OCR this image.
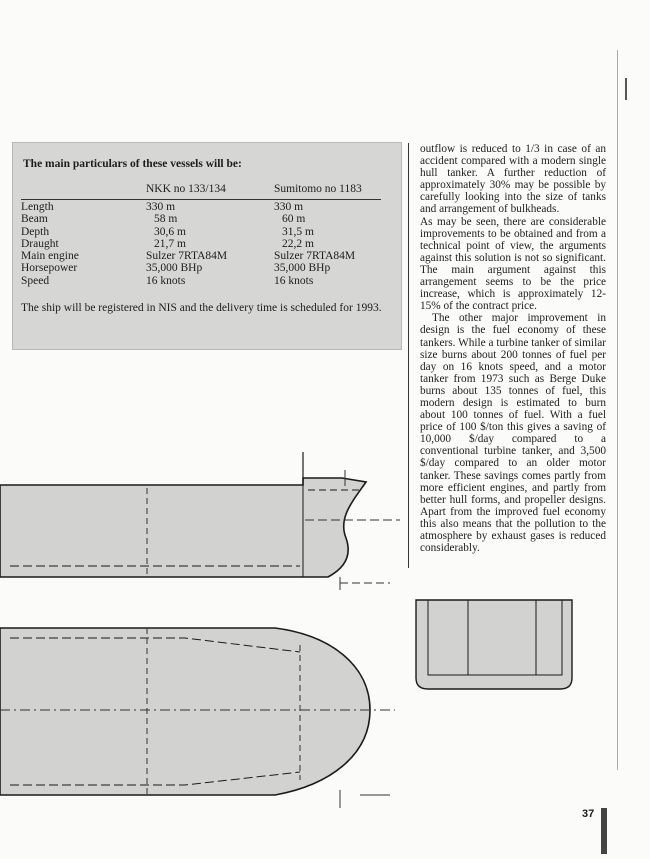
The main particulars of these vessels will be:
NKK no 133/134	Sumitomo no 1183
Length	330 m	330 m
Beam	58 m	60 m
Depth	30,6 m	31,5 m
Draught	21,7 m	22,2 m
Main engine	Sulzer 7RTA84M	Sulzer 7RTA84M
Horsepower	35,000 BHp	35,000 BHp
Speed	16 knots	16 knots
The ship will be registered in NIS and the delivery time is scheduled for 1993.

outflow is reduced to 1/3 in case of an accident compared with a modern single hull tanker. A further reduction of approximately 30% may be possible by carefully looking into the size of tanks and arrangement of bulkheads.

As may be seen, there are considerable improvements to be obtained and from a technical point of view, the arguments against this solution is not so significant. The main argument against this arrangement seems to be the price increase, which is approximately 12-15% of the contract price.

The other major improvement in design is the fuel economy of these tankers. While a turbine tanker of similar size burns about 200 tonnes of fuel per day on 16 knots speed, and a motor tanker from 1973 such as Berge Duke burns about 135 tonnes of fuel, this modern design is estimated to burn about 100 tonnes of fuel. With a fuel price of 100 $/ton this gives a saving of 10,000 $/day compared to a conventional turbine tanker, and 3,500 $/day compared to an older motor tanker. These savings comes partly from more efficient engines, and partly from better hull forms, and propeller designs. Apart from the improved fuel economy this also means that the pollution to the atmosphere by exhaust gases is reduced considerably.

37
